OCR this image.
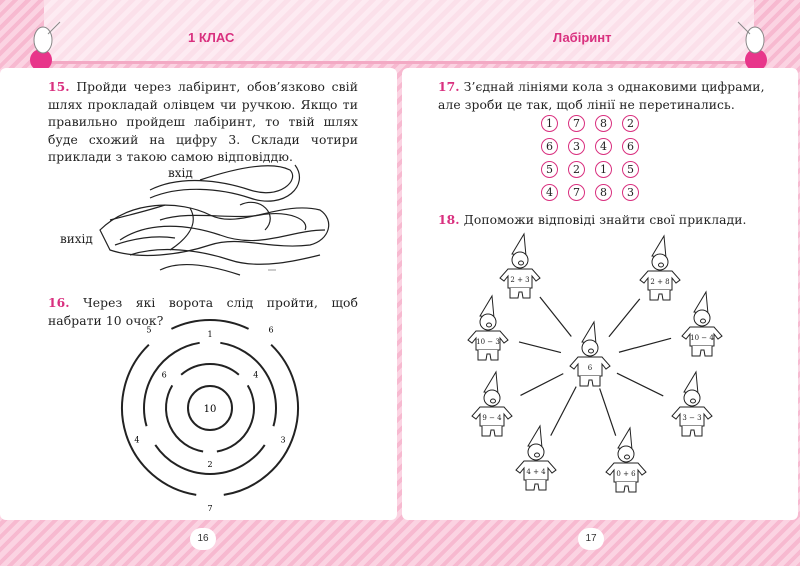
1 КЛАС	Лабіринт
15. Пройди через лабіринт, обов’язково свій шлях прокладай олівцем чи ручкою. Якщо ти правильно пройдеш лабіринт, то твій шлях буде схожий на цифру 3. Склади чотири приклади з такою самою відповіддю.
вхід
вихід
16. Через які ворота слід пройти, щоб набрати 10 очок?
10
6	4
2
1
3
4
5	6
7
17. З’єднай лініями кола з однаковими цифрами, але зроби це так, щоб лінії не перетинались.
1	7	8	2
6	3	4	6
5	2	1	5
4	7	8	3
18. Допоможи відповіді знайти свої приклади.
2 + 3	2 + 8
10 − 4
10 − 3
9 − 4	3 − 3
4 + 4	0 + 6
6
16	17
